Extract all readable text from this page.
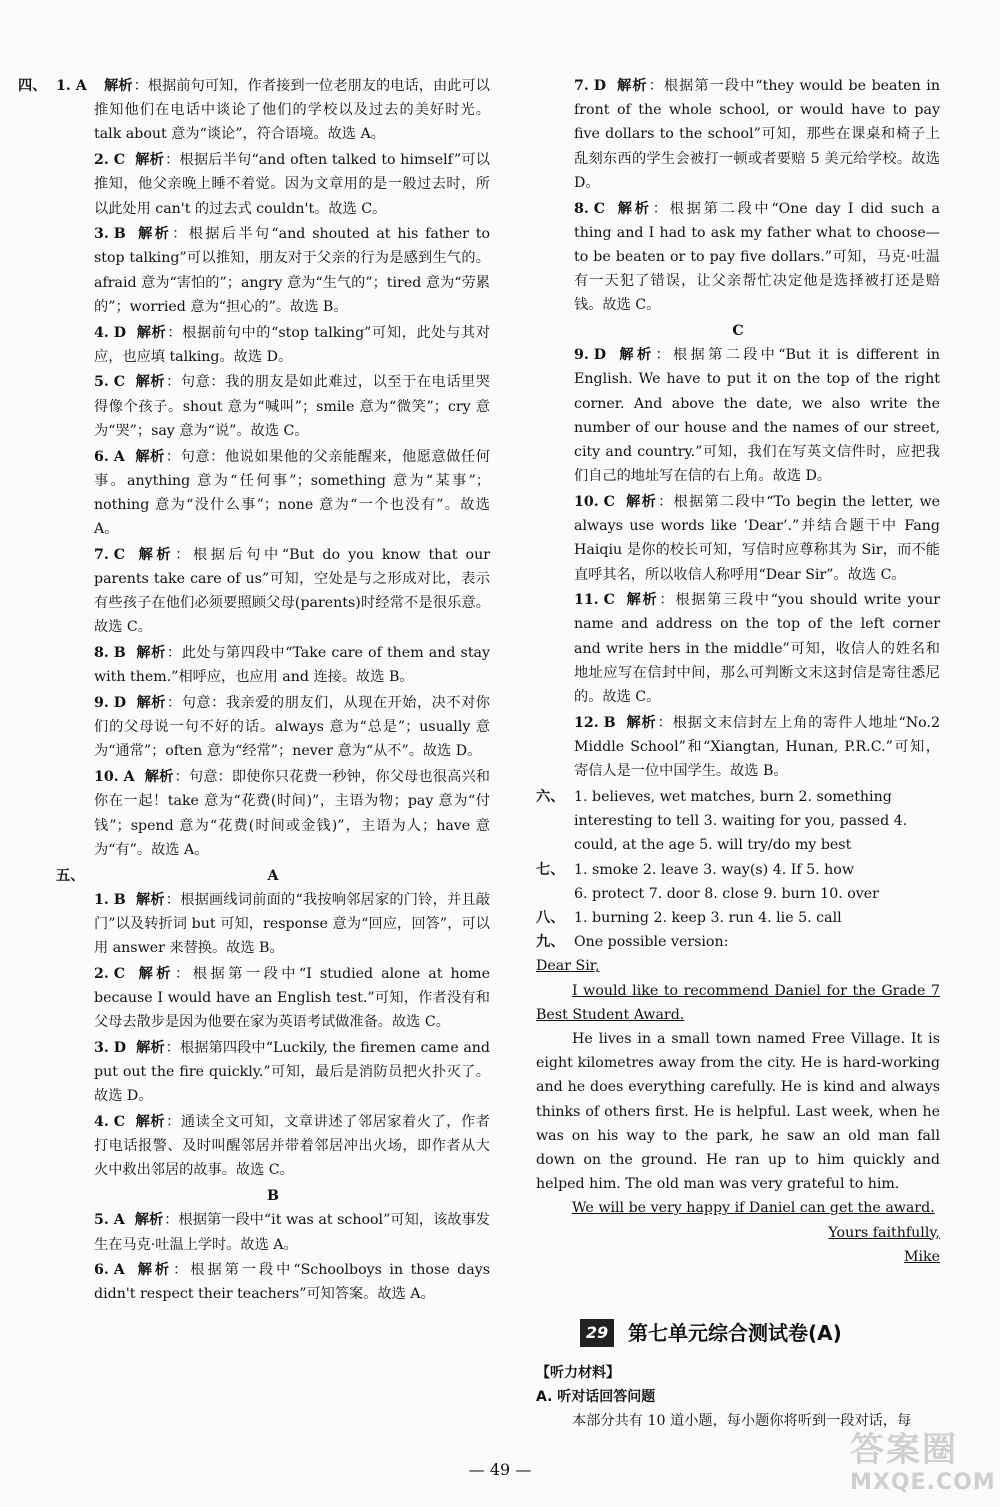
四、 1. A 解析：根据前句可知，作者接到一位老朋友的电话，由此可以推知他们在电话中谈论了他们的学校以及过去的美好时光。talk about 意为“谈论”，符合语境。故选 A。

2. C 解析：根据后半句“and often talked to himself”可以推知，他父亲晚上睡不着觉。因为文章用的是一般过去时，所以此处用 can't 的过去式 couldn't。故选 C。

3. B 解析：根据后半句“and shouted at his father to stop talking”可以推知，朋友对于父亲的行为是感到生气的。afraid 意为“害怕的”；angry 意为“生气的”；tired 意为“劳累的”；worried 意为“担心的”。故选 B。

4. D 解析：根据前句中的“stop talking”可知，此处与其对应，也应填 talking。故选 D。

5. C 解析：句意：我的朋友是如此难过，以至于在电话里哭得像个孩子。shout 意为“喊叫”；smile 意为“微笑”；cry 意为“哭”；say 意为“说”。故选 C。

6. A 解析：句意：他说如果他的父亲能醒来，他愿意做任何事。anything 意为“任何事”；something 意为“某事”；nothing 意为“没什么事”；none 意为“一个也没有”。故选 A。

7. C 解析：根据后句中“But do you know that our parents take care of us”可知，空处是与之形成对比，表示有些孩子在他们必须要照顾父母(parents)时经常不是很乐意。故选 C。

8. B 解析：此处与第四段中“Take care of them and stay with them.”相呼应，也应用 and 连接。故选 B。

9. D 解析：句意：我亲爱的朋友们，从现在开始，决不对你们的父母说一句不好的话。always 意为“总是”；usually 意为“通常”；often 意为“经常”；never 意为“从不”。故选 D。

10. A 解析：句意：即使你只花费一秒钟，你父母也很高兴和你在一起！take 意为“花费(时间)”，主语为物；pay 意为“付钱”；spend 意为“花费(时间或金钱)”，主语为人；have 意为“有”。故选 A。

五、	A

1. B 解析：根据画线词前面的“我按响邻居家的门铃，并且敲门”以及转折词 but 可知，response 意为“回应，回答”，可以用 answer 来替换。故选 B。

2. C 解析：根据第一段中“I studied alone at home because I would have an English test.”可知，作者没有和父母去散步是因为他要在家为英语考试做准备。故选 C。

3. D 解析：根据第四段中“Luckily, the firemen came and put out the fire quickly.”可知，最后是消防员把火扑灭了。故选 D。

4. C 解析：通读全文可知，文章讲述了邻居家着火了，作者打电话报警、及时叫醒邻居并带着邻居冲出火场，即作者从大火中救出邻居的故事。故选 C。

B

5. A 解析：根据第一段中“it was at school”可知，该故事发生在马克·吐温上学时。故选 A。

6. A 解析：根据第一段中“Schoolboys in those days didn't respect their teachers”可知答案。故选 A。

7. D 解析：根据第一段中“they would be beaten in front of the whole school, or would have to pay five dollars to the school”可知，那些在课桌和椅子上乱刻东西的学生会被打一顿或者要赔 5 美元给学校。故选 D。

8. C 解析：根据第二段中“One day I did such a thing and I had to ask my father what to choose—to be beaten or to pay five dollars.”可知，马克·吐温有一天犯了错误，让父亲帮忙决定他是选择被打还是赔钱。故选 C。

C

9. D 解析：根据第二段中“But it is different in English. We have to put it on the top of the right corner. And above the date, we also write the number of our house and the names of our street, city and country.”可知，我们在写英文信件时，应把我们自己的地址写在信的右上角。故选 D。

10. C 解析：根据第二段中“To begin the letter, we always use words like ‘Dear’.”并结合题干中 Fang Haiqiu 是你的校长可知，写信时应尊称其为 Sir，而不能直呼其名，所以收信人称呼用“Dear Sir”。故选 C。

11. C 解析：根据第三段中“you should write your name and address on the top of the left corner and write hers in the middle”可知，收信人的姓名和地址应写在信封中间，那么可判断文末这封信是寄往悉尼的。故选 C。

12. B 解析：根据文末信封左上角的寄件人地址“No.2 Middle School”和“Xiangtan, Hunan, P.R.C.”可知，寄信人是一位中国学生。故选 B。

六、 1. believes, wet matches, burn 2. something interesting to tell 3. waiting for you, passed 4. could, at the age 5. will try/do my best
七、 1. smoke 2. leave 3. way(s) 4. If 5. how
6. protect 7. door 8. close 9. burn 10. over
八、 1. burning 2. keep 3. run 4. lie 5. call
九、 One possible version:

Dear Sir,

I would like to recommend Daniel for the Grade 7 Best Student Award.

He lives in a small town named Free Village. It is eight kilometres away from the city. He is hard-working and he does everything carefully. He is kind and always thinks of others first. He is helpful. Last week, when he was on his way to the park, he saw an old man fall down on the ground. He ran up to him quickly and helped him. The old man was very grateful to him.

We will be very happy if Daniel can get the award.

Yours faithfully,

Mike

29 第七单元综合测试卷(A)
【听力材料】
A. 听对话回答问题
本部分共有 10 道小题，每小题你将听到一段对话，每
— 49 —	答案圈
MXQE.COM
